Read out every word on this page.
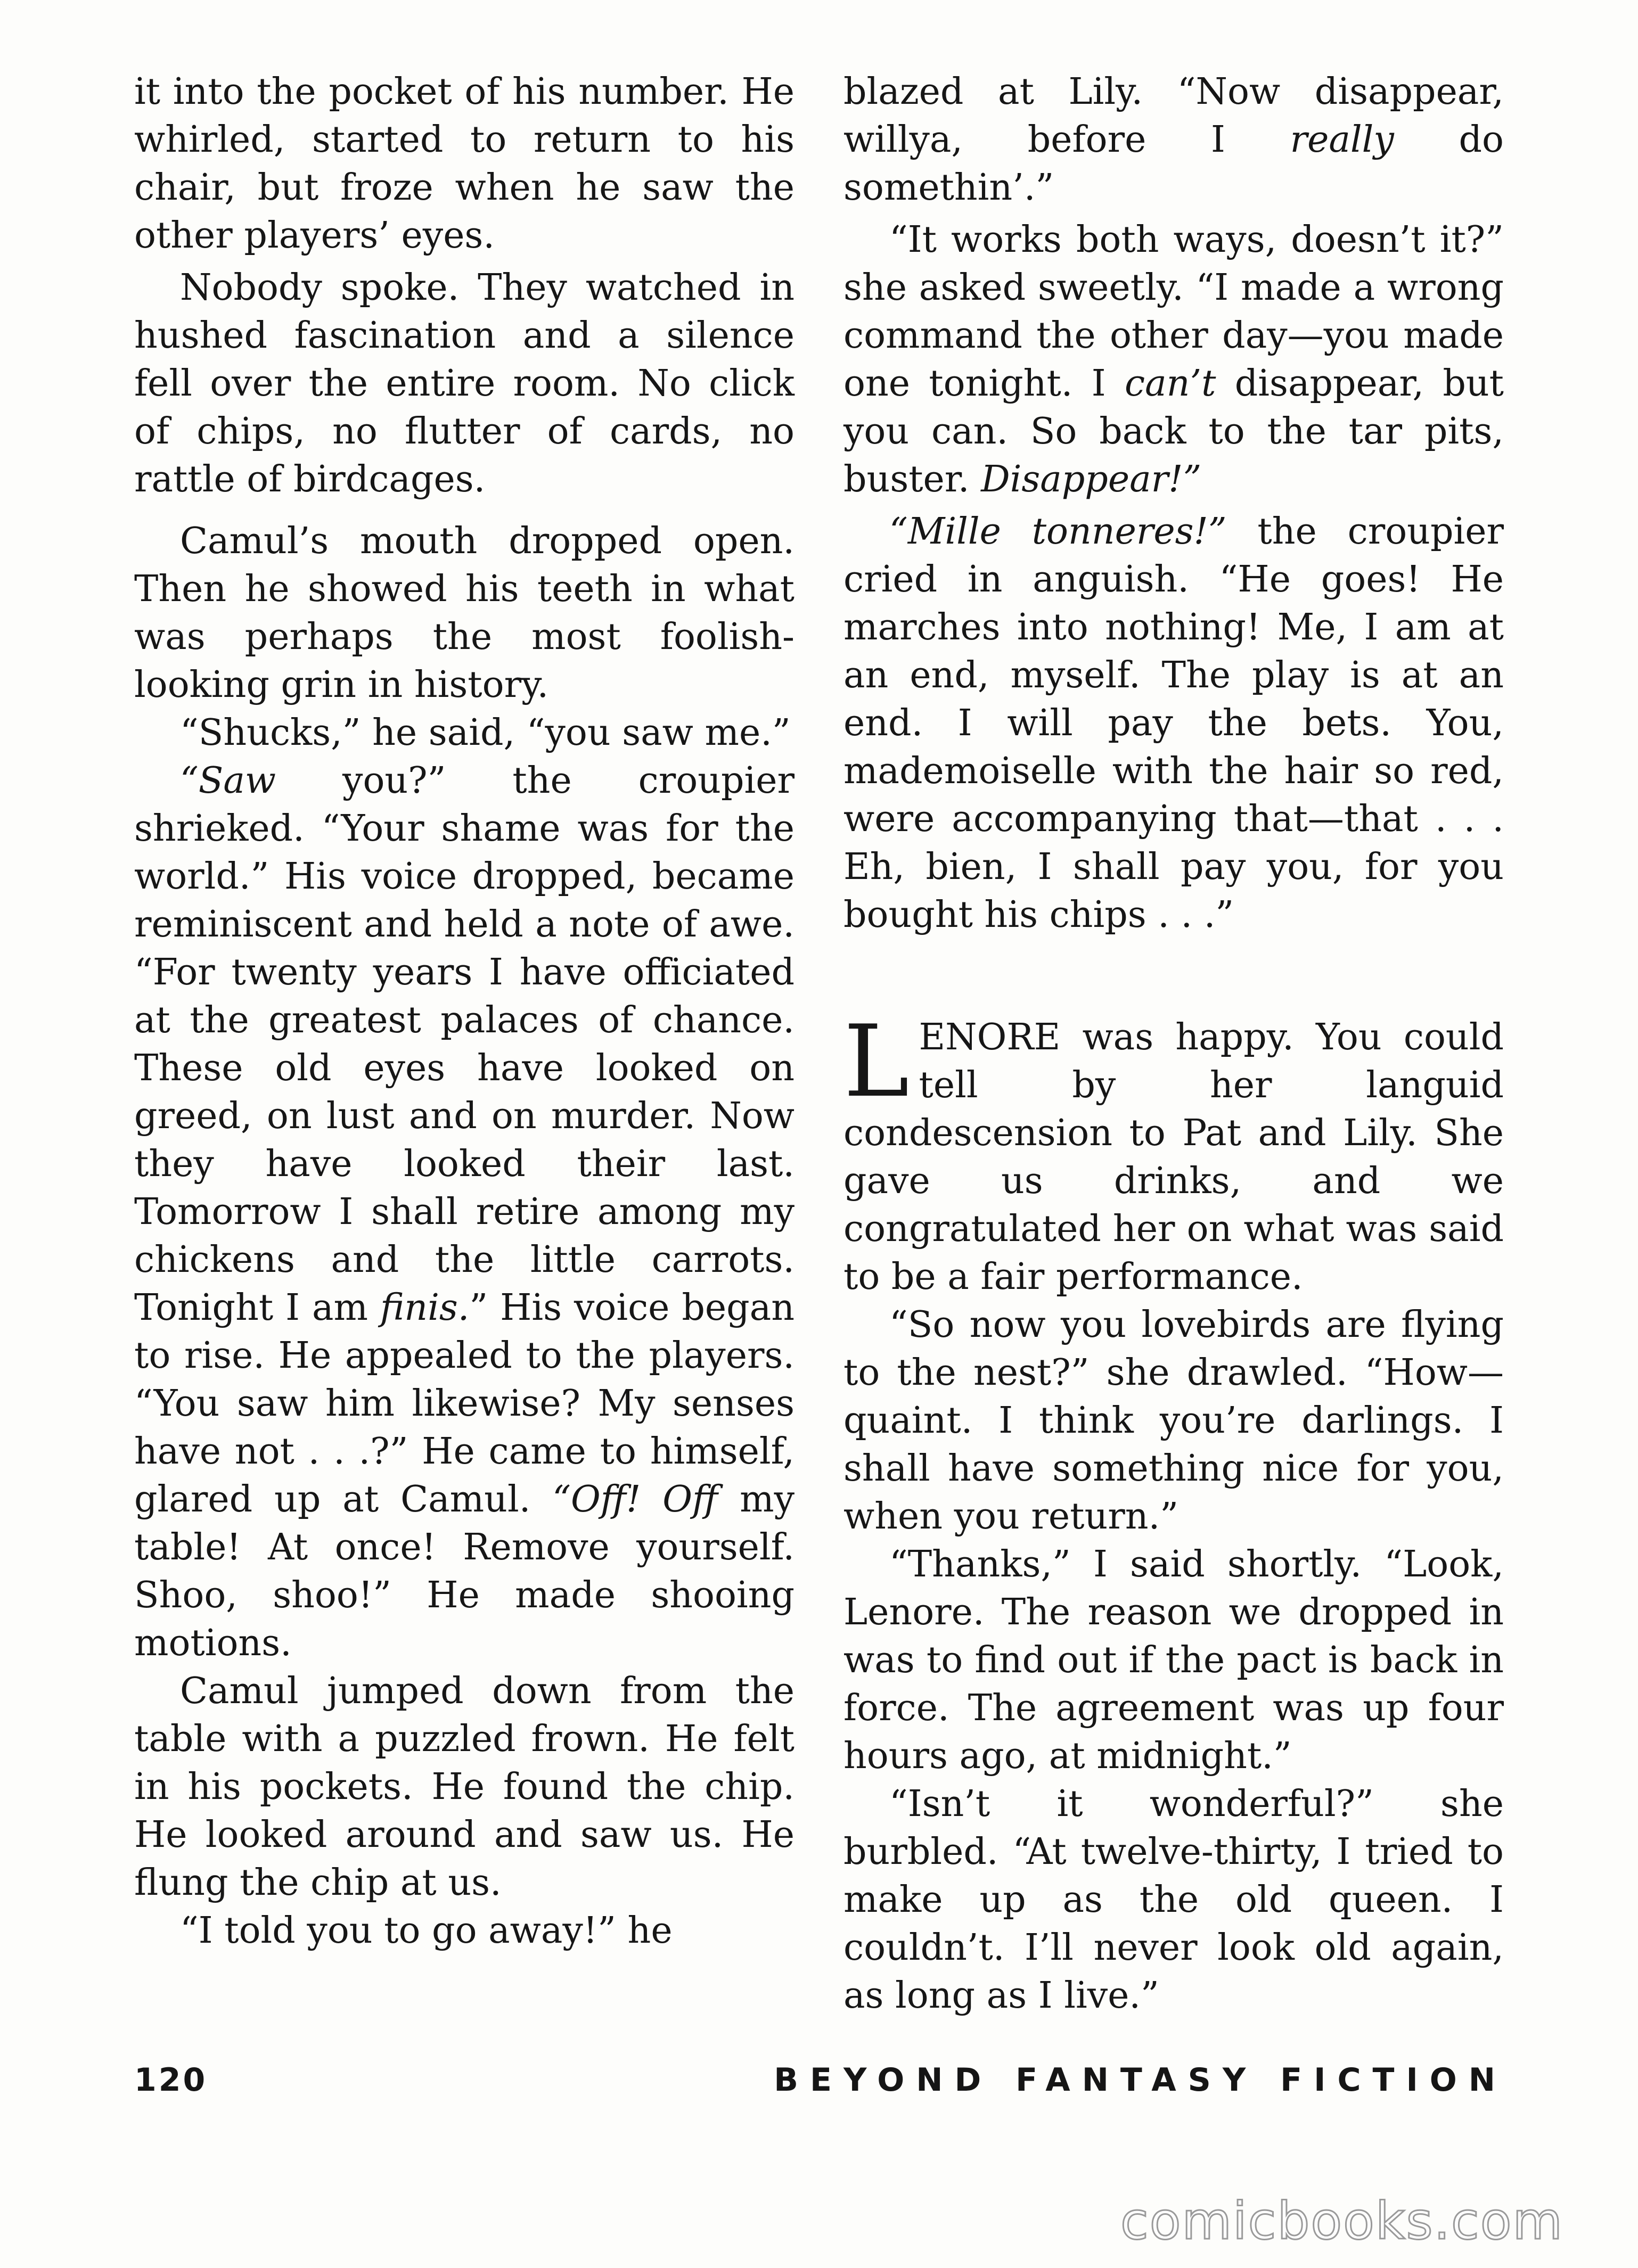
it into the pocket of his number. He whirled, started to return to his chair, but froze when he saw the other players’ eyes.

Nobody spoke. They watched in hushed fascination and a silence fell over the entire room. No click of chips, no flutter of cards, no rattle of birdcages.

Camul’s mouth dropped open. Then he showed his teeth in what was perhaps the most foolish-looking grin in history.

“Shucks,” he said, “you saw me.”

“Saw you?” the croupier shrieked. “Your shame was for the world.” His voice dropped, became reminiscent and held a note of awe. “For twenty years I have officiated at the greatest palaces of chance. These old eyes have looked on greed, on lust and on murder. Now they have looked their last. Tomorrow I shall retire among my chickens and the little carrots. Tonight I am finis.” His voice began to rise. He appealed to the players. “You saw him likewise? My senses have not . . .?” He came to himself, glared up at Camul. “Off! Off my table! At once! Remove yourself. Shoo, shoo!” He made shooing motions.

Camul jumped down from the table with a puzzled frown. He felt in his pockets. He found the chip. He looked around and saw us. He flung the chip at us.

“I told you to go away!” he

blazed at Lily. “Now disappear, willya, before I really do somethin’.”

“It works both ways, doesn’t it?” she asked sweetly. “I made a wrong command the other day—you made one tonight. I can’t disappear, but you can. So back to the tar pits, buster. Disappear!”

“Mille tonneres!” the croupier cried in anguish. “He goes! He marches into nothing! Me, I am at an end, myself. The play is at an end. I will pay the bets. You, mademoiselle with the hair so red, were accompanying that—that . . . Eh, bien, I shall pay you, for you bought his chips . . .”

LENORE was happy. You could tell by her languid condescension to Pat and Lily. She gave us drinks, and we congratulated her on what was said to be a fair performance.

“So now you lovebirds are flying to the nest?” she drawled. “How—quaint. I think you’re darlings. I shall have something nice for you, when you return.”

“Thanks,” I said shortly. “Look, Lenore. The reason we dropped in was to find out if the pact is back in force. The agreement was up four hours ago, at midnight.”

“Isn’t it wonderful?” she burbled. “At twelve-thirty, I tried to make up as the old queen. I couldn’t. I’ll never look old again, as long as I live.”

120	BEYOND FANTASY FICTION
comicbooks.com
